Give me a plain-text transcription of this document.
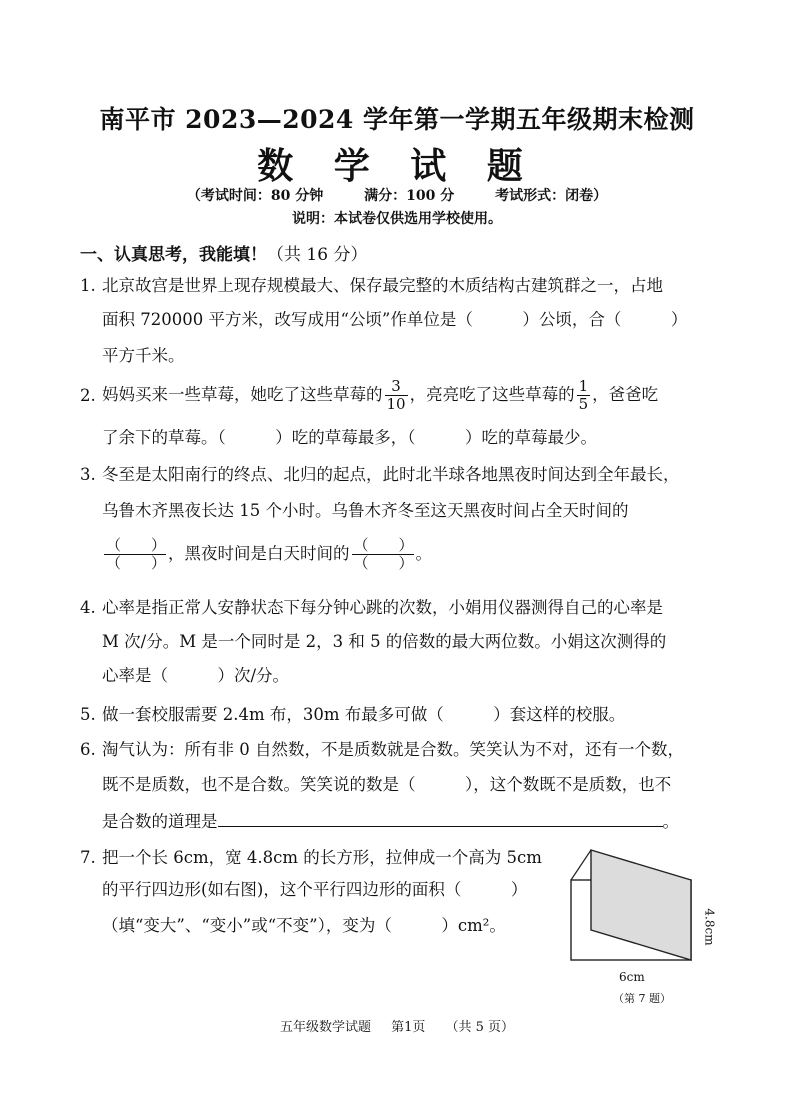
南平市 2023—2024 学年第一学期五年级期末检测
数 学 试 题
（考试时间：80 分钟	满分：100 分	考试形式：闭卷）
说明：本试卷仅供选用学校使用。
一、认真思考，我能填！（共 16 分）
1. 北京故宫是世界上现存规模最大、保存最完整的木质结构古建筑群之一，占地
面积 720000 平方米，改写成用“公顷”作单位是（　　　）公顷，合（　　　）
平方千米。
2. 妈妈买来一些草莓，她吃了这些草莓的 $\frac{3}{10}$ ，亮亮吃了这些草莓的 $\frac{1}{5}$ ，爸爸吃
了余下的草莓。（　　　）吃的草莓最多，（　　　）吃的草莓最少。
3. 冬至是太阳南行的终点、北归的起点，此时北半球各地黑夜时间达到全年最长，
乌鲁木齐黑夜长达 15 个小时。乌鲁木齐冬至这天黑夜时间占全天时间的
$\frac{( )}{( )}$ ，黑夜时间是白天时间的 $\frac{( )}{( )}$ 。
4. 心率是指正常人安静状态下每分钟心跳的次数，小娟用仪器测得自己的心率是
M 次/分。M 是一个同时是 2，3 和 5 的倍数的最大两位数。小娟这次测得的
心率是（　　　）次/分。
5. 做一套校服需要 2.4m 布，30m 布最多可做（　　　）套这样的校服。
6. 淘气认为：所有非 0 自然数，不是质数就是合数。笑笑认为不对，还有一个数，
既不是质数，也不是合数。笑笑说的数是（　　　），这个数既不是质数，也不
是合数的道理是	。
7. 把一个长 6cm，宽 4.8cm 的长方形，拉伸成一个高为 5cm
的平行四边形(如右图)，这个平行四边形的面积（　　　）
（填“变大”、“变小”或“不变”），变为（　　　）cm²。
6cm
4.8cm
（第 7 题）
五年级数学试题 第1页 （共 5 页）
